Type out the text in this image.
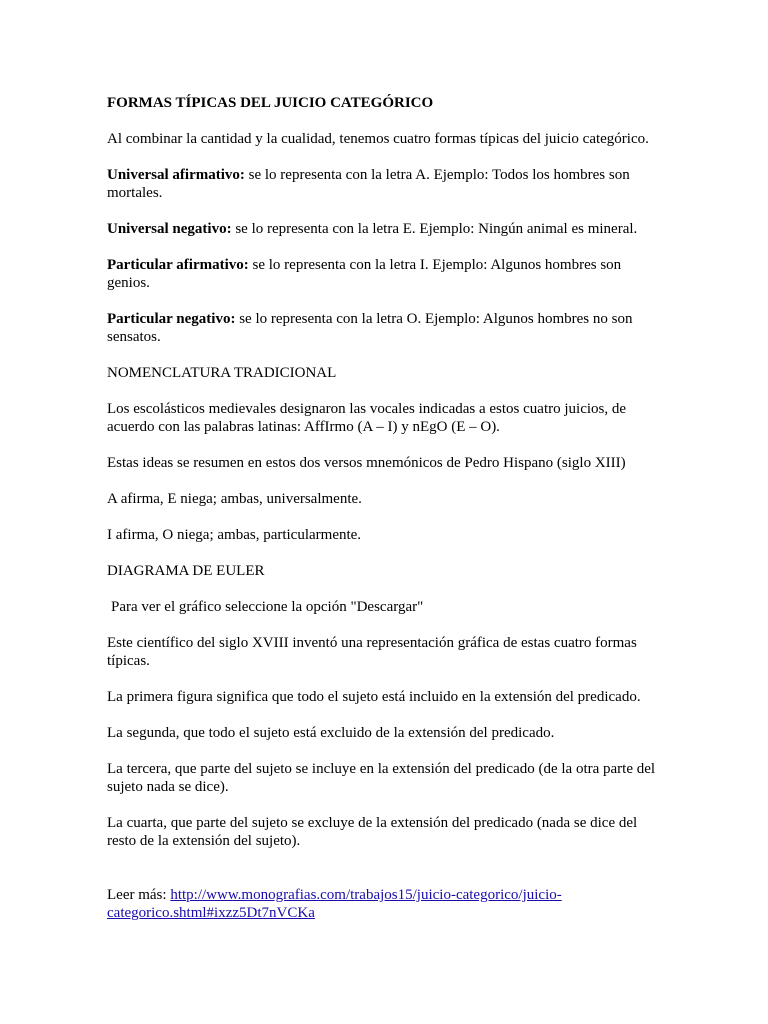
FORMAS TÍPICAS DEL JUICIO CATEGÓRICO

Al combinar la cantidad y la cualidad, tenemos cuatro formas típicas del juicio categórico.

Universal afirmativo: se lo representa con la letra A. Ejemplo: Todos los hombres son mortales.

Universal negativo: se lo representa con la letra E. Ejemplo: Ningún animal es mineral.

Particular afirmativo: se lo representa con la letra I. Ejemplo: Algunos hombres son genios.

Particular negativo: se lo representa con la letra O. Ejemplo: Algunos hombres no son sensatos.

NOMENCLATURA TRADICIONAL

Los escolásticos medievales designaron las vocales indicadas a estos cuatro juicios, de acuerdo con las palabras latinas: AffIrmo (A – I) y nEgO (E – O).

Estas ideas se resumen en estos dos versos mnemónicos de Pedro Hispano (siglo XIII)

A afirma, E niega; ambas, universalmente.

I afirma, O niega; ambas, particularmente.

DIAGRAMA DE EULER

Para ver el gráfico seleccione la opción "Descargar"

Este científico del siglo XVIII inventó una representación gráfica de estas cuatro formas típicas.

La primera figura significa que todo el sujeto está incluido en la extensión del predicado.

La segunda, que todo el sujeto está excluido de la extensión del predicado.

La tercera, que parte del sujeto se incluye en la extensión del predicado (de la otra parte del sujeto nada se dice).

La cuarta, que parte del sujeto se excluye de la extensión del predicado (nada se dice del resto de la extensión del sujeto).

Leer más: http://www.monografias.com/trabajos15/juicio-categorico/juicio-categorico.shtml#ixzz5Dt7nVCKa
